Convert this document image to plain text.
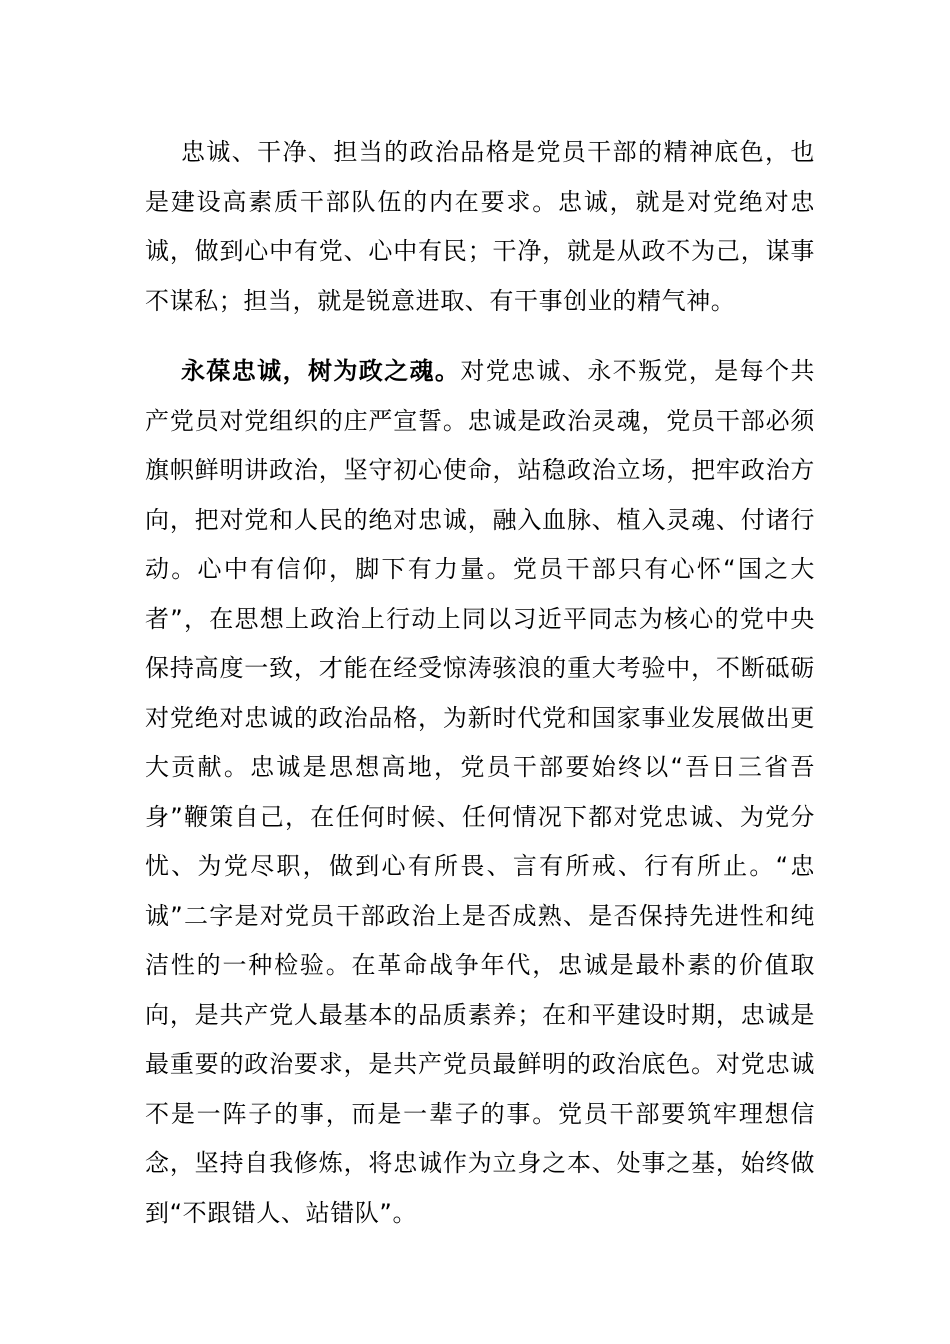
忠诚、干净、担当的政治品格是党员干部的精神底色，也是建设高素质干部队伍的内在要求。忠诚，就是对党绝对忠诚，做到心中有党、心中有民；干净，就是从政不为己，谋事不谋私；担当，就是锐意进取、有干事创业的精气神。

永葆忠诚，树为政之魂。对党忠诚、永不叛党，是每个共产党员对党组织的庄严宣誓。忠诚是政治灵魂，党员干部必须旗帜鲜明讲政治，坚守初心使命，站稳政治立场，把牢政治方向，把对党和人民的绝对忠诚，融入血脉、植入灵魂、付诸行动。心中有信仰，脚下有力量。党员干部只有心怀“国之大者”，在思想上政治上行动上同以习近平同志为核心的党中央保持高度一致，才能在经受惊涛骇浪的重大考验中，不断砥砺对党绝对忠诚的政治品格，为新时代党和国家事业发展做出更大贡献。忠诚是思想高地，党员干部要始终以“吾日三省吾身”鞭策自己，在任何时候、任何情况下都对党忠诚、为党分忧、为党尽职，做到心有所畏、言有所戒、行有所止。“忠诚”二字是对党员干部政治上是否成熟、是否保持先进性和纯洁性的一种检验。在革命战争年代，忠诚是最朴素的价值取向，是共产党人最基本的品质素养；在和平建设时期，忠诚是最重要的政治要求，是共产党员最鲜明的政治底色。对党忠诚不是一阵子的事，而是一辈子的事。党员干部要筑牢理想信念，坚持自我修炼，将忠诚作为立身之本、处事之基，始终做到“不跟错人、站错队”。
